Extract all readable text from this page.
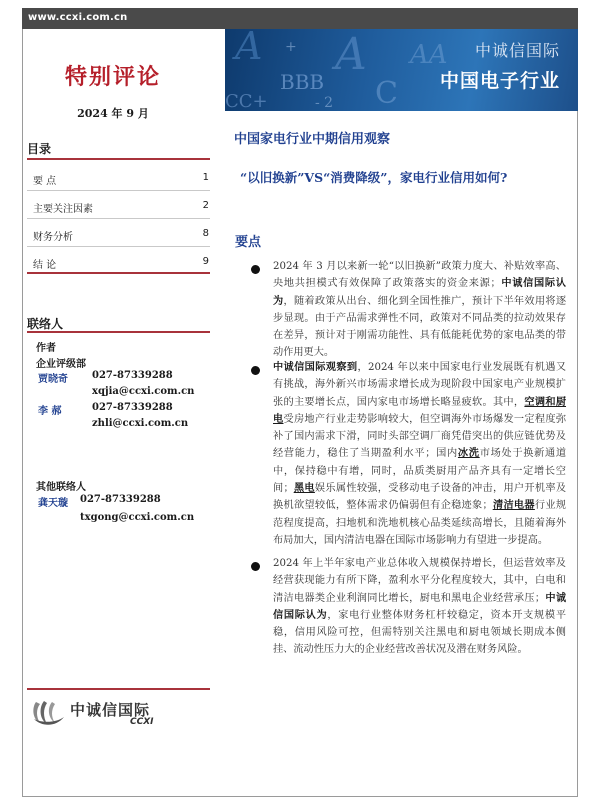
www.ccxi.com.cn
A
BBB
CC+
A
C
AA
+
- 2
中诚信国际
中国电子行业
特别评论
2024 年 9 月
目录
要 点	1
主要关注因素	2
财务分析	8
结 论	9
联络人
作者
企业评级部
贾晓奇 027-87339288
xqjia@ccxi.com.cn
李 郝	027-87339288
zhli@ccxi.com.cn
其他联络人
龚天璇 027-87339288
txgong@ccxi.com.cn
中诚信国际
CCXI
中国家电行业中期信用观察
“以旧换新”VS“消费降级”，家电行业信用如何?
要点
2024 年 3 月以来新一轮“以旧换新”政策力度大、补贴效率高、央地共担模式有效保障了政策落实的资金来源；中诚信国际认为，随着政策从出台、细化到全国性推广，预计下半年效用将逐步显现。由于产品需求弹性不同，政策对不同品类的拉动效果存在差异，预计对于刚需功能性、具有低能耗优势的家电品类的带动作用更大。
中诚信国际观察到，2024 年以来中国家电行业发展既有机遇又有挑战，海外新兴市场需求增长成为现阶段中国家电产业规模扩张的主要增长点，国内家电市场增长略显疲软。其中，空调和厨电受房地产行业走势影响较大，但空调海外市场爆发一定程度弥补了国内需求下滑，同时头部空调厂商凭借突出的供应链优势及经营能力，稳住了当期盈利水平；国内冰洗市场处于换新通道中，保持稳中有增，同时，品质类厨用产品齐具有一定增长空间；黑电娱乐属性较强，受移动电子设备的冲击，用户开机率及换机欲望较低，整体需求仍偏弱但有企稳迹象；清洁电器行业规范程度提高，扫地机和洗地机核心品类延续高增长，且随着海外布局加大，国内清洁电器在国际市场影响力有望进一步提高。
2024 年上半年家电产业总体收入规模保持增长，但运营效率及经营获现能力有所下降，盈利水平分化程度较大，其中，白电和清洁电器类企业利润同比增长，厨电和黑电企业经营承压；中诚信国际认为，家电行业整体财务杠杆较稳定，资本开支规模平稳，信用风险可控，但需特别关注黑电和厨电领域长期成本侧挂、流动性压力大的企业经营改善状况及潜在财务风险。
